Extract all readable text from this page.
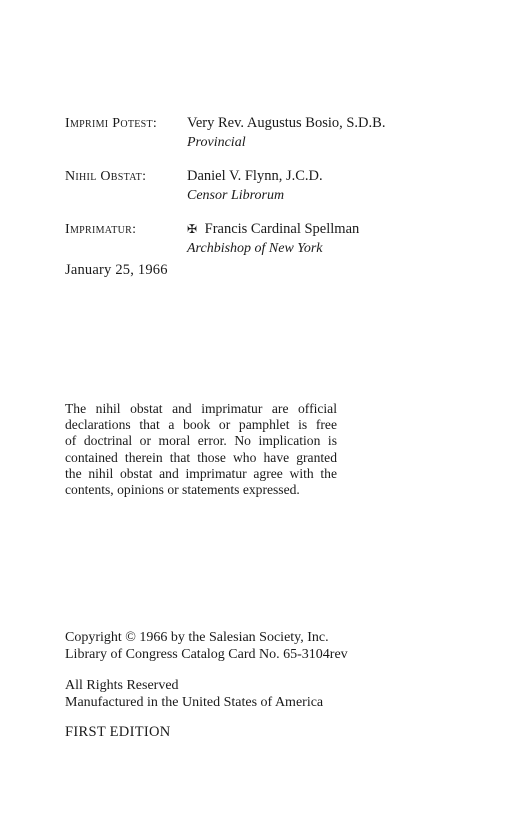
Imprimi Potest:	Very Rev. Augustus Bosio, S.D.B.
Provincial
Nihil Obstat:	Daniel V. Flynn, J.C.D.
Censor Librorum
Imprimatur:	✠ Francis Cardinal Spellman
Archbishop of New York
January 25, 1966
The nihil obstat and imprimatur are official
declarations that a book or pamphlet is free
of doctrinal or moral error. No implication is
contained therein that those who have granted
the nihil obstat and imprimatur agree with the
contents, opinions or statements expressed.
Copyright © 1966 by the Salesian Society, Inc.
Library of Congress Catalog Card No. 65-3104rev
All Rights Reserved
Manufactured in the United States of America
FIRST EDITION
